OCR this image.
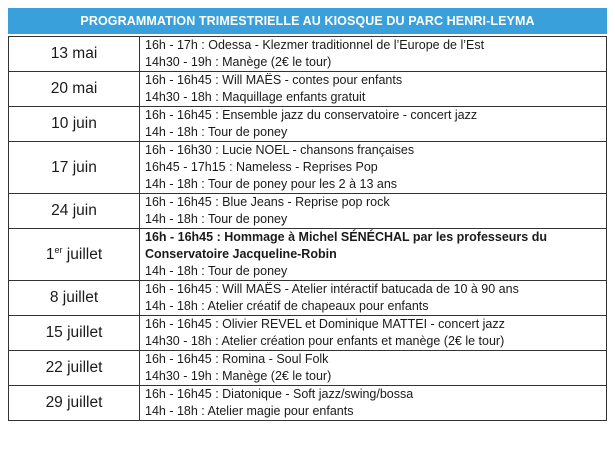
PROGRAMMATION TRIMESTRIELLE AU KIOSQUE DU PARC HENRI-LEYMA
13 mai	16h - 17h : Odessa - Klezmer traditionnel de l’Europe de l’Est
14h30 - 19h : Manège (2€ le tour)

20 mai	16h - 16h45 : Will MAËS - contes pour enfants
14h30 - 18h : Maquillage enfants gratuit

10 juin	16h - 16h45 : Ensemble jazz du conservatoire - concert jazz
14h - 18h : Tour de poney

17 juin	16h - 16h30 : Lucie NOEL - chansons françaises
16h45 - 17h15 : Nameless - Reprises Pop
14h - 18h : Tour de poney pour les 2 à 13 ans

24 juin	16h - 16h45 : Blue Jeans - Reprise pop rock
14h - 18h : Tour de poney

1er juillet	16h - 16h45 : Hommage à Michel SÉNÉCHAL par les professeurs du Conservatoire Jacqueline-Robin
14h - 18h : Tour de poney

8 juillet	16h - 16h45 : Will MAËS - Atelier intéractif batucada de 10 à 90 ans
14h - 18h : Atelier créatif de chapeaux pour enfants

15 juillet	16h - 16h45 : Olivier REVEL et Dominique MATTEI - concert jazz
14h30 - 18h : Atelier création pour enfants et manège (2€ le tour)

22 juillet	16h - 16h45 : Romina - Soul Folk
14h30 - 19h : Manège (2€ le tour)

29 juillet	16h - 16h45 : Diatonique - Soft jazz/swing/bossa
14h - 18h : Atelier magie pour enfants
